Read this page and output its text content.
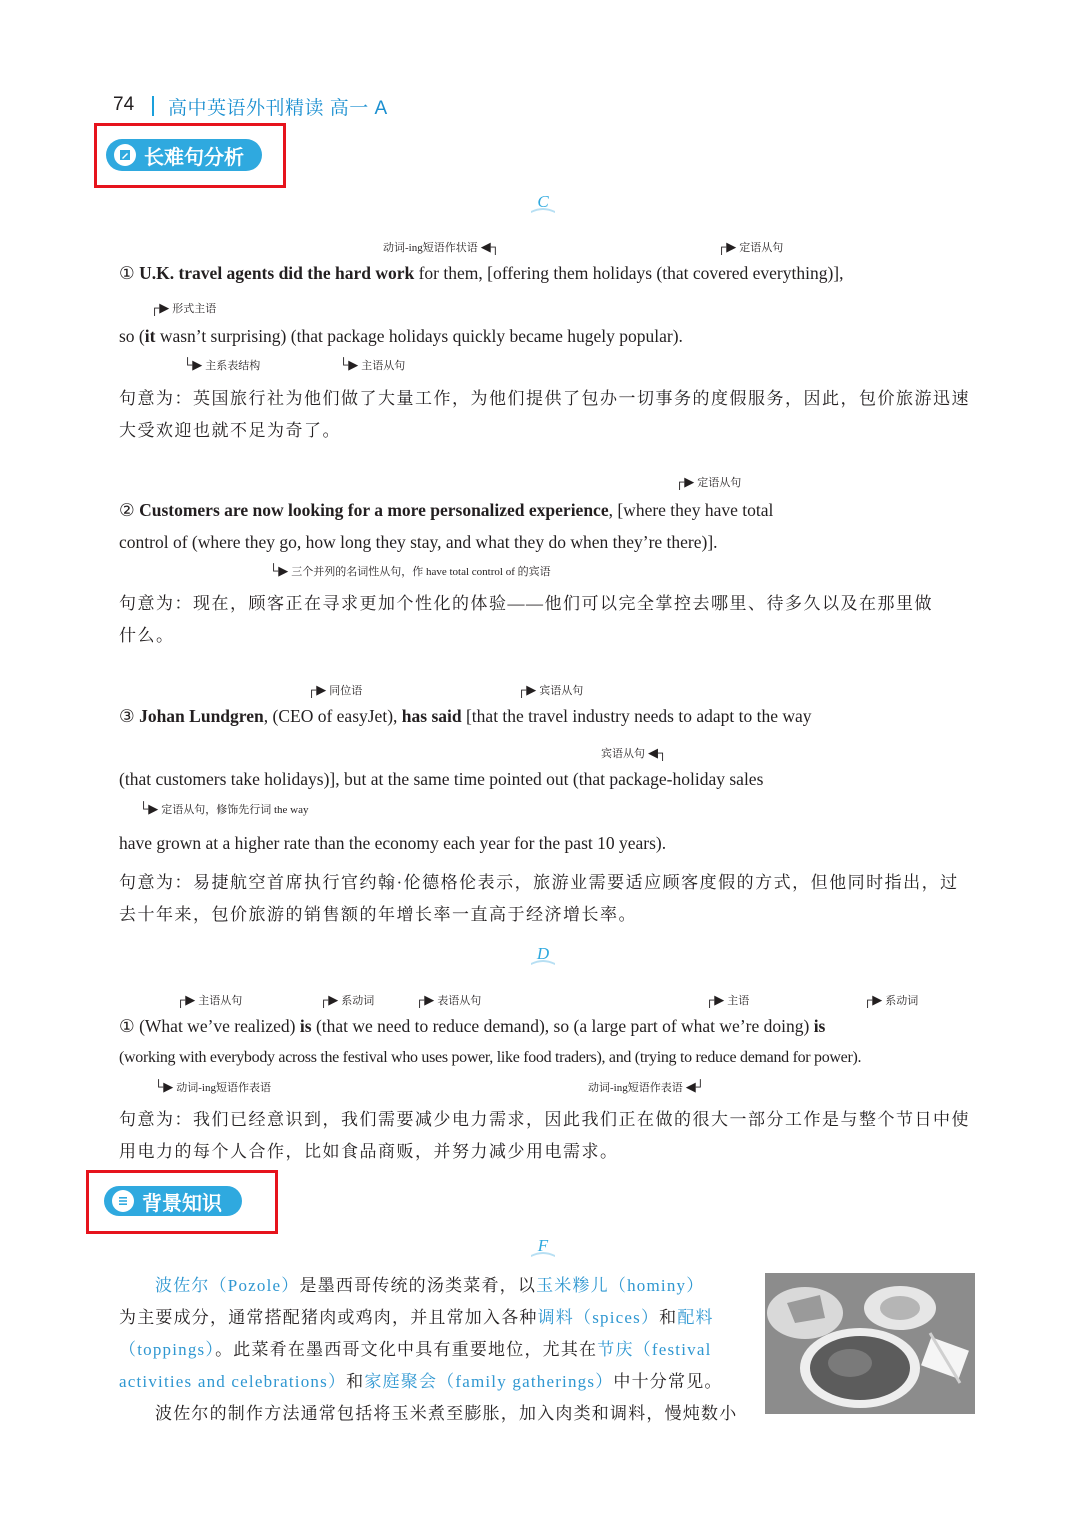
74 高中英语外刊精读 高一 A
长难句分析
C
动词-ing短语作状语 ◀┐	┌▶ 定语从句
① U.K. travel agents did the hard work for them, [offering them holidays (that covered everything)],
┌▶ 形式主语
so (it wasn’t surprising) (that package holidays quickly became hugely popular).
└▶ 主系表结构	└▶ 主语从句
句意为：英国旅行社为他们做了大量工作，为他们提供了包办一切事务的度假服务，因此，包价旅游迅速
大受欢迎也就不足为奇了。
┌▶ 定语从句
② Customers are now looking for a more personalized experience, [where they have total
control of (where they go, how long they stay, and what they do when they’re there)].
└▶ 三个并列的名词性从句，作 have total control of 的宾语
句意为：现在，顾客正在寻求更加个性化的体验——他们可以完全掌控去哪里、待多久以及在那里做
什么。
┌▶ 同位语	┌▶ 宾语从句
③ Johan Lundgren, (CEO of easyJet), has said [that the travel industry needs to adapt to the way
宾语从句 ◀┐
(that customers take holidays)], but at the same time pointed out (that package-holiday sales
└▶ 定语从句，修饰先行词 the way
have grown at a higher rate than the economy each year for the past 10 years).
句意为：易捷航空首席执行官约翰·伦德格伦表示，旅游业需要适应顾客度假的方式，但他同时指出，过
去十年来，包价旅游的销售额的年增长率一直高于经济增长率。
D
┌▶ 主语从句	┌▶ 系动词	┌▶ 表语从句	┌▶ 主语	┌▶ 系动词
① (What we’ve realized) is (that we need to reduce demand), so (a large part of what we’re doing) is
(working with everybody across the festival who uses power, like food traders), and (trying to reduce demand for power).
└▶ 动词-ing短语作表语	动词-ing短语作表语 ◀┘
句意为：我们已经意识到，我们需要减少电力需求，因此我们正在做的很大一部分工作是与整个节日中使
用电力的每个人合作，比如食品商贩，并努力减少用电需求。
背景知识
F
波佐尔（Pozole）是墨西哥传统的汤类菜肴，以玉米糁儿（hominy）
为主要成分，通常搭配猪肉或鸡肉，并且常加入各种调料（spices）和配料
（toppings）。此菜肴在墨西哥文化中具有重要地位，尤其在节庆（festival
activities and celebrations）和家庭聚会（family gatherings）中十分常见。
波佐尔的制作方法通常包括将玉米煮至膨胀，加入肉类和调料，慢炖数小
